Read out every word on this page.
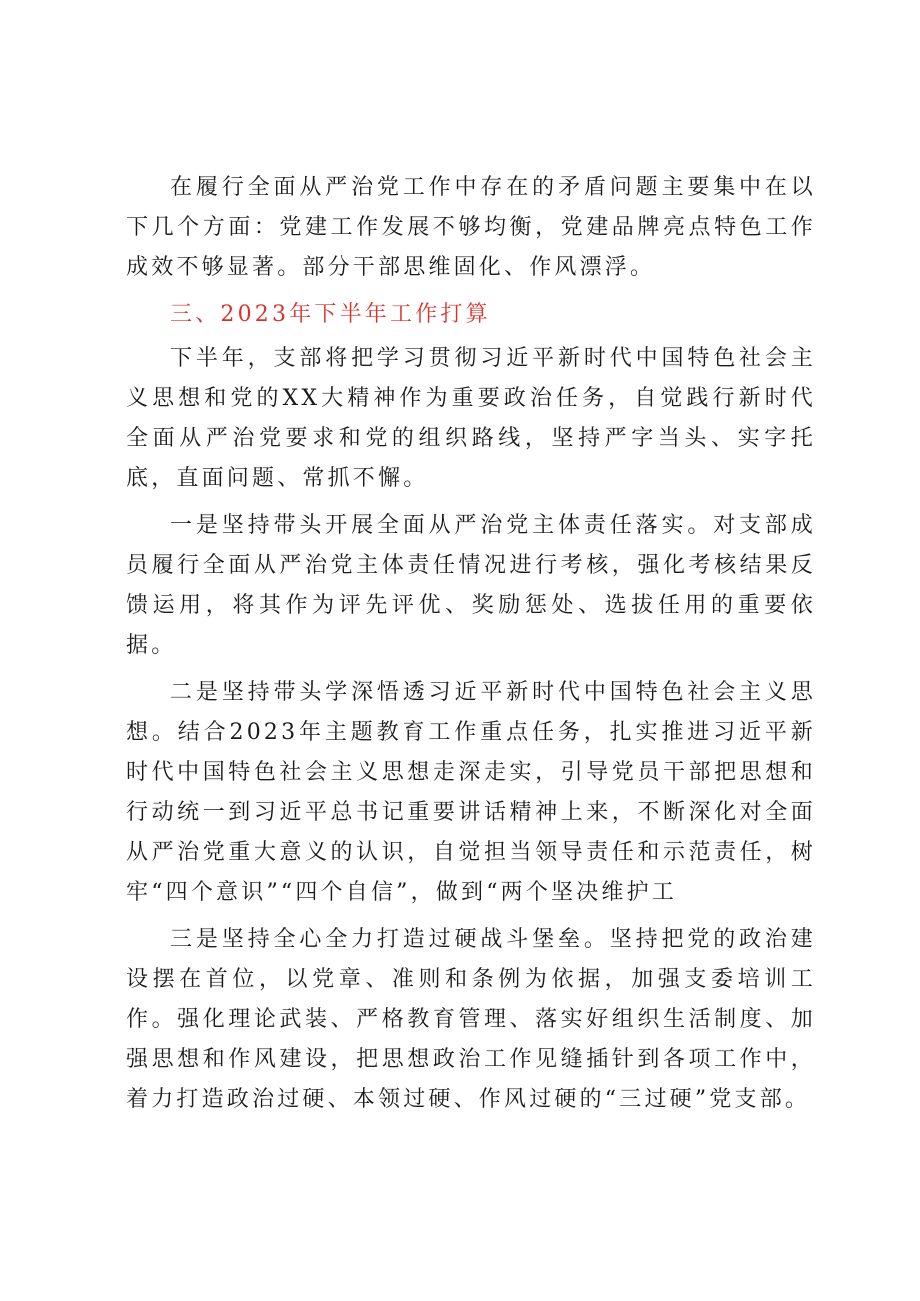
在履行全面从严治党工作中存在的矛盾问题主要集中在以下几个方面：党建工作发展不够均衡，党建品牌亮点特色工作成效不够显著。部分干部思维固化、作风漂浮。

三、2023年下半年工作打算

下半年，支部将把学习贯彻习近平新时代中国特色社会主义思想和党的XX大精神作为重要政治任务，自觉践行新时代全面从严治党要求和党的组织路线，坚持严字当头、实字托底，直面问题、常抓不懈。

一是坚持带头开展全面从严治党主体责任落实。对支部成员履行全面从严治党主体责任情况进行考核，强化考核结果反馈运用，将其作为评先评优、奖励惩处、选拔任用的重要依据。

二是坚持带头学深悟透习近平新时代中国特色社会主义思想。结合2023年主题教育工作重点任务，扎实推进习近平新时代中国特色社会主义思想走深走实，引导党员干部把思想和行动统一到习近平总书记重要讲话精神上来，不断深化对全面从严治党重大意义的认识，自觉担当领导责任和示范责任，树牢“四个意识”“四个自信”，做到“两个坚决维护工

三是坚持全心全力打造过硬战斗堡垒。坚持把党的政治建设摆在首位，以党章、准则和条例为依据，加强支委培训工作。强化理论武装、严格教育管理、落实好组织生活制度、加强思想和作风建设，把思想政治工作见缝插针到各项工作中，着力打造政治过硬、本领过硬、作风过硬的“三过硬”党支部。
